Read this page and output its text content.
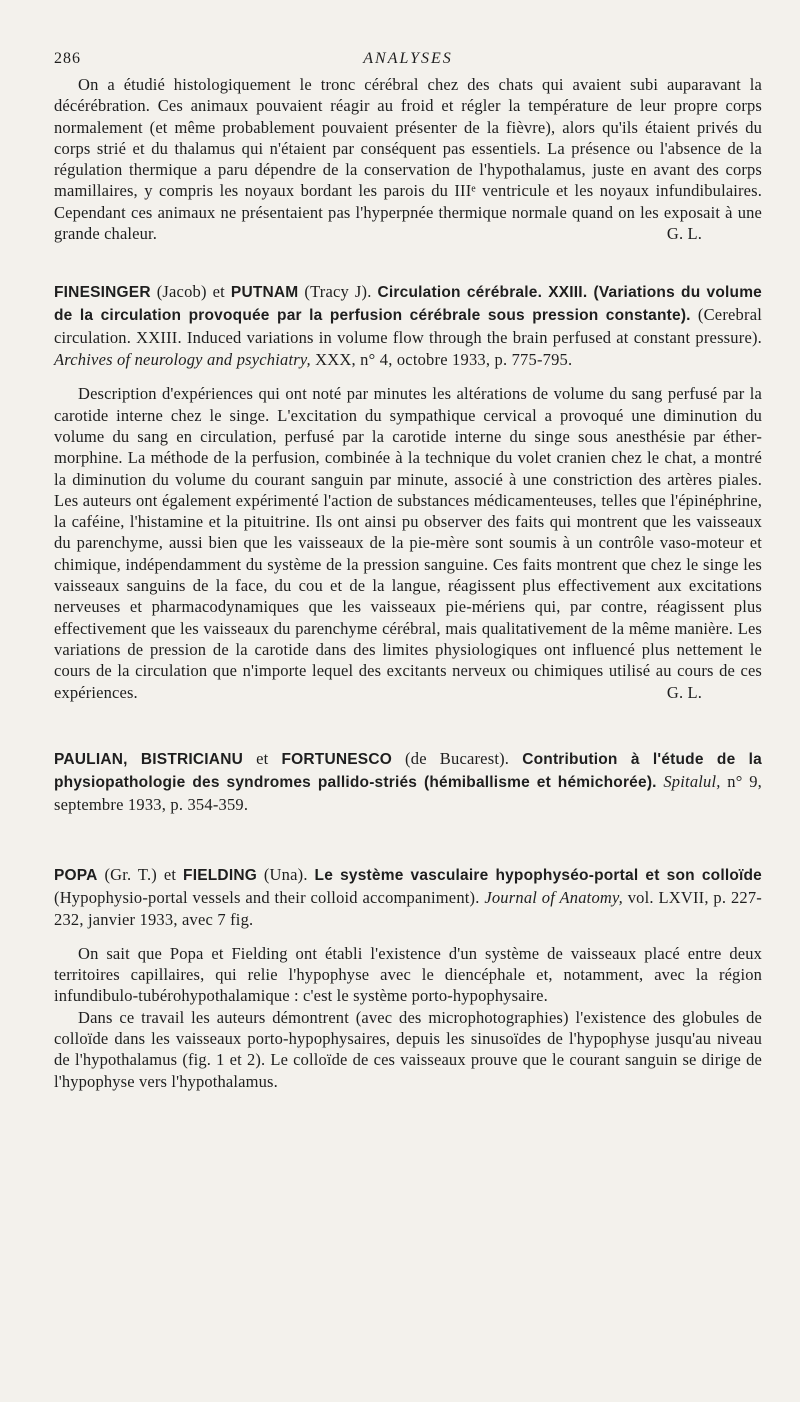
286	ANALYSES

On a étudié histologiquement le tronc cérébral chez des chats qui avaient subi auparavant la décérébration. Ces animaux pouvaient réagir au froid et régler la température de leur propre corps normalement (et même probablement pouvaient présenter de la fièvre), alors qu'ils étaient privés du corps strié et du thalamus qui n'étaient par conséquent pas essentiels. La présence ou l'absence de la régulation thermique a paru dépendre de la conservation de l'hypothalamus, juste en avant des corps mamillaires, y compris les noyaux bordant les parois du IIIᵉ ventricule et les noyaux infundibulaires. Cependant ces animaux ne présentaient pas l'hyperpnée thermique normale quand on les exposait à une grande chaleur.	G. L.

FINESINGER (Jacob) et PUTNAM (Tracy J). Circulation cérébrale. XXIII. (Variations du volume de la circulation provoquée par la perfusion cérébrale sous pression constante). (Cerebral circulation. XXIII. Induced variations in volume flow through the brain perfused at constant pressure). Archives of neurology and psychiatry, XXX, n° 4, octobre 1933, p. 775-795.

Description d'expériences qui ont noté par minutes les altérations de volume du sang perfusé par la carotide interne chez le singe. L'excitation du sympathique cervical a provoqué une diminution du volume du sang en circulation, perfusé par la carotide interne du singe sous anesthésie par éther-morphine. La méthode de la perfusion, combinée à la technique du volet cranien chez le chat, a montré la diminution du volume du courant sanguin par minute, associé à une constriction des artères piales. Les auteurs ont également expérimenté l'action de substances médicamenteuses, telles que l'épinéphrine, la caféine, l'histamine et la pituitrine. Ils ont ainsi pu observer des faits qui montrent que les vaisseaux du parenchyme, aussi bien que les vaisseaux de la pie-mère sont soumis à un contrôle vaso-moteur et chimique, indépendamment du système de la pression sanguine. Ces faits montrent que chez le singe les vaisseaux sanguins de la face, du cou et de la langue, réagissent plus effectivement aux excitations nerveuses et pharmacodynamiques que les vaisseaux pie-mériens qui, par contre, réagissent plus effectivement que les vaisseaux du parenchyme cérébral, mais qualitativement de la même manière. Les variations de pression de la carotide dans des limites physiologiques ont influencé plus nettement le cours de la circulation que n'importe lequel des excitants nerveux ou chimiques utilisé au cours de ces expériences.	G. L.

PAULIAN, BISTRICIANU et FORTUNESCO (de Bucarest). Contribution à l'étude de la physiopathologie des syndromes pallido-striés (hémiballisme et hémichorée). Spitalul, n° 9, septembre 1933, p. 354-359.
POPA (Gr. T.) et FIELDING (Una). Le système vasculaire hypophyséo-portal et son colloïde (Hypophysio-portal vessels and their colloid accompaniment). Journal of Anatomy, vol. LXVII, p. 227-232, janvier 1933, avec 7 fig.

On sait que Popa et Fielding ont établi l'existence d'un système de vaisseaux placé entre deux territoires capillaires, qui relie l'hypophyse avec le diencéphale et, notamment, avec la région infundibulo-tubérohypothalamique : c'est le système porto-hypophysaire.

Dans ce travail les auteurs démontrent (avec des microphotographies) l'existence des globules de colloïde dans les vaisseaux porto-hypophysaires, depuis les sinusoïdes de l'hypophyse jusqu'au niveau de l'hypothalamus (fig. 1 et 2). Le colloïde de ces vaisseaux prouve que le courant sanguin se dirige de l'hypophyse vers l'hypothalamus.
